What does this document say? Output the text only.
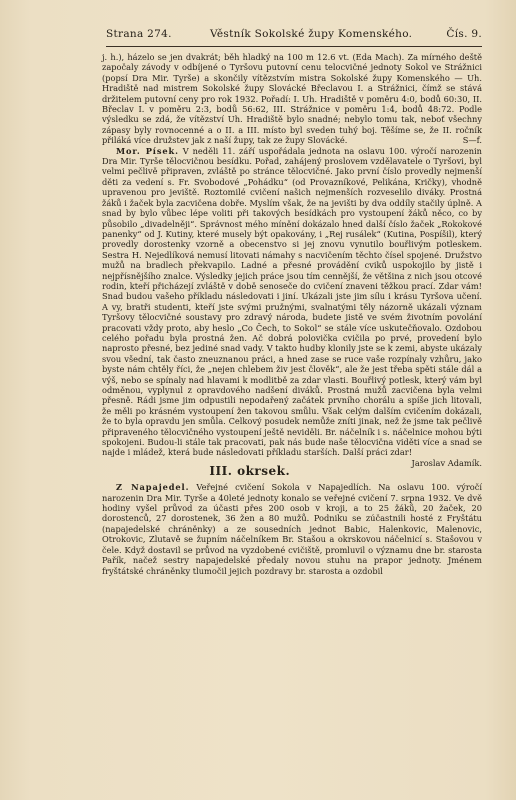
Strana 274.	Věstník Sokolské župy Komenského.	Čís. 9.

j. h.), házelo se jen dvakrát; běh hladký na 100 m 12.6 vt. (Eda Mach). Za mírného deště započaly závody v odbíjené o Tyršovu putovní cenu telocvičné jednoty Sokol ve Strážnici (popsí Dra Mir. Tyrše) a skončily vítězstvím mistra Sokolské župy Komenského — Uh. Hradiště nad mistrem Sokolské župy Slovácké Břeclavou I. a Strážnici, čímž se stává držitelem putovní ceny pro rok 1932. Pořadí: I. Uh. Hradiště v poměru 4:0, bodů 60:30, II. Břeclav I. v poměru 2:3, bodů 56:62, III. Strážnice v poměru 1:4, bodů 48:72. Podle výsledku se zdá, že vítězství Uh. Hradiště bylo snadné; nebylo tomu tak, neboť všechny zápasy byly rovnocenné a o II. a III. místo byl sveden tuhý boj. Těšíme se, že II. ročník přiláká více družstev jak z naší župy, tak ze župy Slovácké.	S—f.

Mor. Písek. V neděli 11. září uspořádala jednota na oslavu 100. výročí narozenin Dra Mir. Tyrše tělocvičnou besídku. Pořad, zahájený proslovem vzdělavatele o Tyršovi, byl velmi pečlivě připraven, zvláště po stránce tělocvičné. Jako první číslo provedly nejmenší děti za vedení s. Fr. Svobodové „Pohádku“ (od Provazníkové, Pelikána, Kričky), vhodně upravenou pro jeviště. Roztomilé cvičení našich nejmenších rozveselilo diváky. Prostná žáků i žaček byla zacvičena dobře. Myslím však, že na jevišti by dva oddíly stačily úplně. A snad by bylo vůbec lépe voliti při takových besídkách pro vystoupení žáků něco, co by působilo „divadelněji“. Správnost mého mínění dokázalo hned další číslo žaček „Rokokové panenky“ od J. Kutiny, které musely být opakovány, i „Rej rusálek“ (Kutina, Pospíšil), který provedly dorostenky vzorně a obecenstvo si jej znovu vynutilo bouřlivým potleskem. Sestra H. Nejedlíková nemusí litovati námahy s nacvičením těchto čísel spojené. Družstvo mužů na bradlech překvapilo. Ladné a přesné provádění cviků uspokojilo by jistě i nejpřísnějšího znalce. Výsledky jejich práce jsou tím cennější, že většina z nich jsou otcové rodin, kteří přicházejí zvláště v době senoseče do cvičení znaveni těžkou prací. Zdar vám! Snad budou vašeho příkladu následovati i jiní. Ukázali jste jim sílu i krásu Tyršova učení. A vy, bratři studenti, kteří jste svými pružnými, svalnatými těly názorně ukázali význam Tyršovy tělocvičné soustavy pro zdravý národa, budete jistě ve svém životním povolání pracovati vždy proto, aby heslo „Co Čech, to Sokol“ se stále více uskutečňovalo. Ozdobou celého pořadu byla prostná žen. Ač dobrá polovička cvičila po prvé, provedení bylo naprosto přesné, bez jediné snad vady. V takto hudby klonily jste se k zemi, abyste ukázaly svou všední, tak často zneuznanou práci, a hned zase se ruce vaše rozpínaly vzhůru, jako byste nám chtěly říci, že „nejen chlebem živ jest člověk“, ale že jest třeba spěti stále dál a výš, nebo se spínaly nad hlavami k modlitbě za zdar vlasti. Bouřlivý potlesk, který vám byl odměnou, vyplynul z opravdového nadšení diváků. Prostná mužů zacvičena byla velmi přesně. Rádi jsme jim odpustili nepodařený začátek prvního chorálu a spíše jich litovali, že měli po krásném vystoupení žen takovou smůlu. Však celým dalším cvičením dokázali, že to byla opravdu jen smůla. Celkový posudek nemůže zníti jinak, než že jsme tak pečlivě připraveného tělocvičného vystoupení ještě neviděli. Br. náčelník i s. náčelnice mohou býti spokojeni. Budou-li stále tak pracovati, pak nás bude naše tělocvična viděti více a snad se najde i mládež, která bude následovati příkladu starších. Další práci zdar!
Jaroslav Adamík.

III. okrsek.

Z Napajedel. Veřejné cvičení Sokola v Napajedlích. Na oslavu 100. výročí narozenin Dra Mir. Tyrše a 40leté jednoty konalo se veřejné cvičení 7. srpna 1932. Ve dvě hodiny vyšel průvod za účasti přes 200 osob v kroji, a to 25 žáků, 20 žaček, 20 dorostenců, 27 dorostenek, 36 žen a 80 mužů. Podniku se zúčastnili hosté z Fryštátu (napajedelské chráněnky) a ze sousedních jednot Babic, Halenkovic, Malenovic, Otrokovic, Zlutavě se župním náčelníkem Br. Stašou a okrskovou náčelnicí s. Stašovou v čele. Když dostavil se průvod na vyzdobené cvičiště, promluvil o významu dne br. starosta Pařík, načež sestry napajedelské předaly novou stuhu na prapor jednoty. Jménem fryštátské chráněnky tlumočil jejich pozdravy br. starosta a ozdobil
